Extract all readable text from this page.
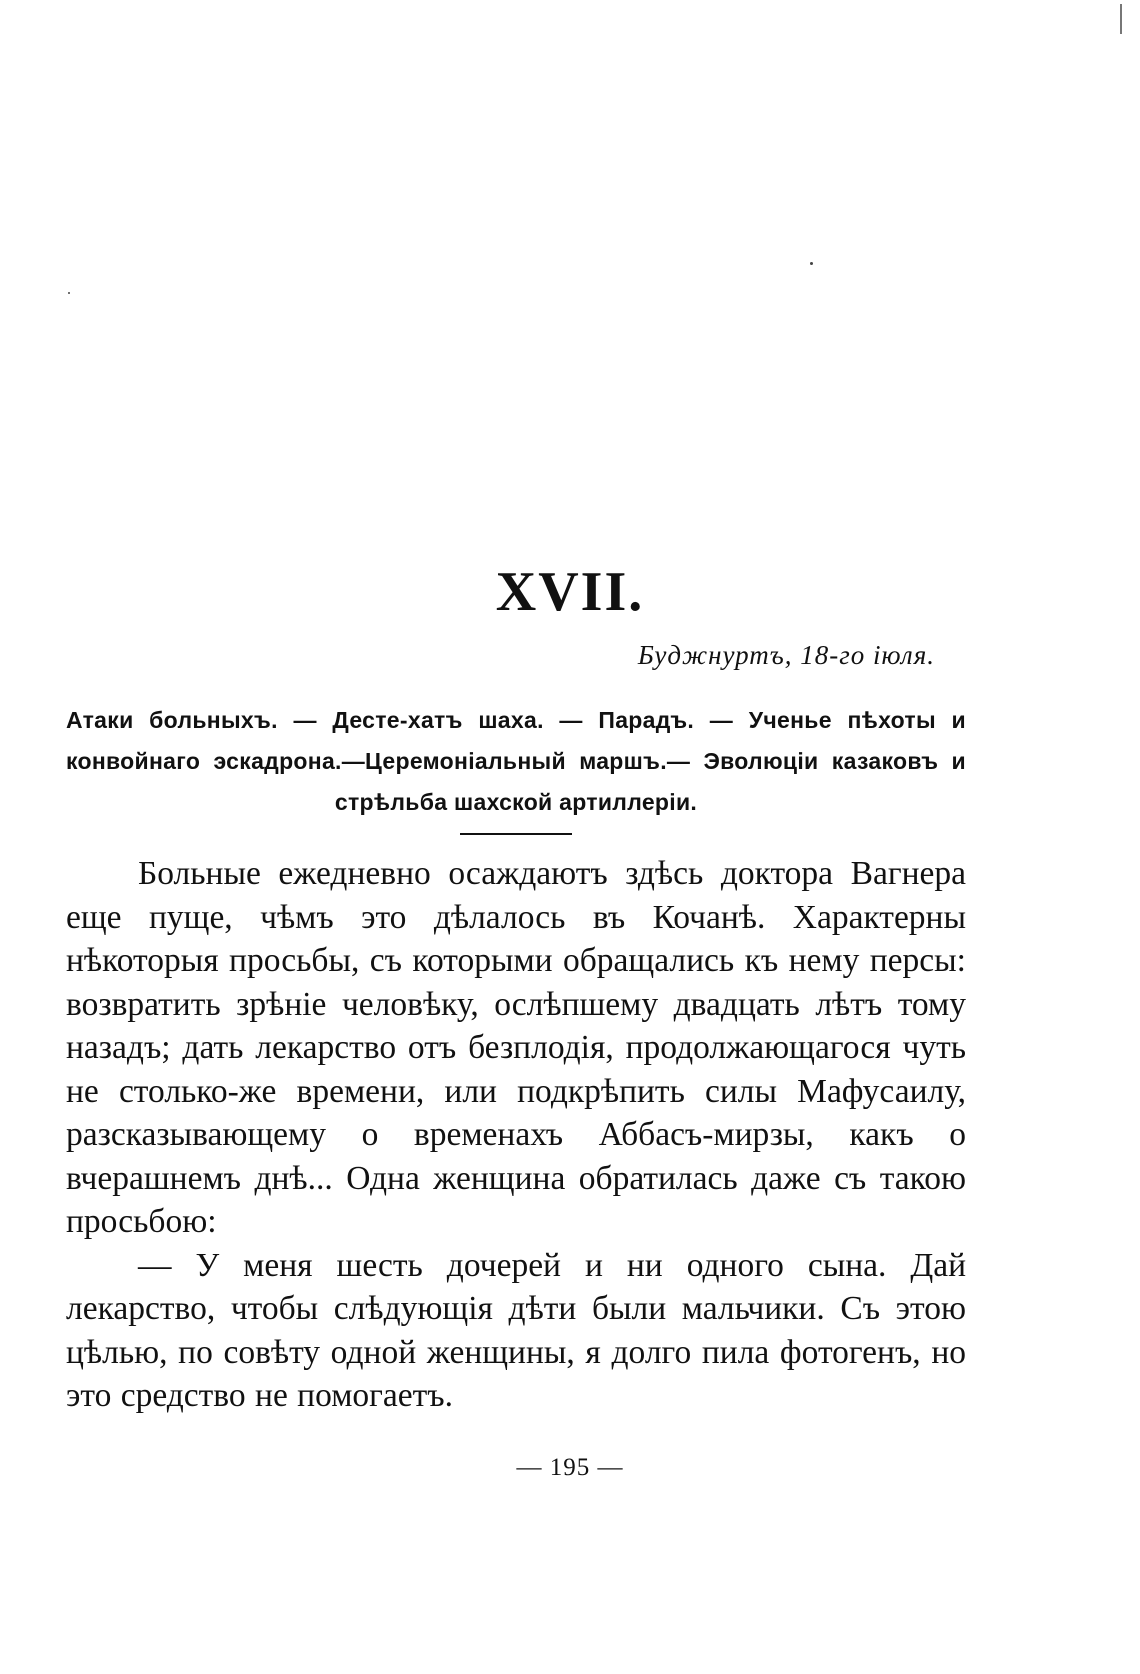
XVII.
Буджнуртъ, 18-го іюля.
Атаки больныхъ. — Десте-хатъ шаха. — Парадъ. — Ученье пѣхоты и конвойнаго эскадрона.—Церемоніальный маршъ.— Эволюціи казаковъ и стрѣльба шахской артиллеріи.

Больные ежедневно осаждаютъ здѣсь доктора Вагнера еще пуще, чѣмъ это дѣлалось въ Кочанѣ. Характерны нѣкоторыя просьбы, съ которыми обращались къ нему персы: возвратить зрѣніе человѣку, ослѣпшему двадцать лѣтъ тому назадъ; дать лекарство отъ безплодія, продолжающагося чуть не столько-же времени, или подкрѣпить силы Мафусаилу, разсказывающему о временахъ Аббасъ-мирзы, какъ о вчерашнемъ днѣ... Одна женщина обратилась даже съ такою просьбою:

— У меня шесть дочерей и ни одного сына. Дай лекарство, чтобы слѣдующія дѣти были мальчики. Съ этою цѣлью, по совѣту одной женщины, я долго пила фотогенъ, но это средство не помогаетъ.

— 195 —
